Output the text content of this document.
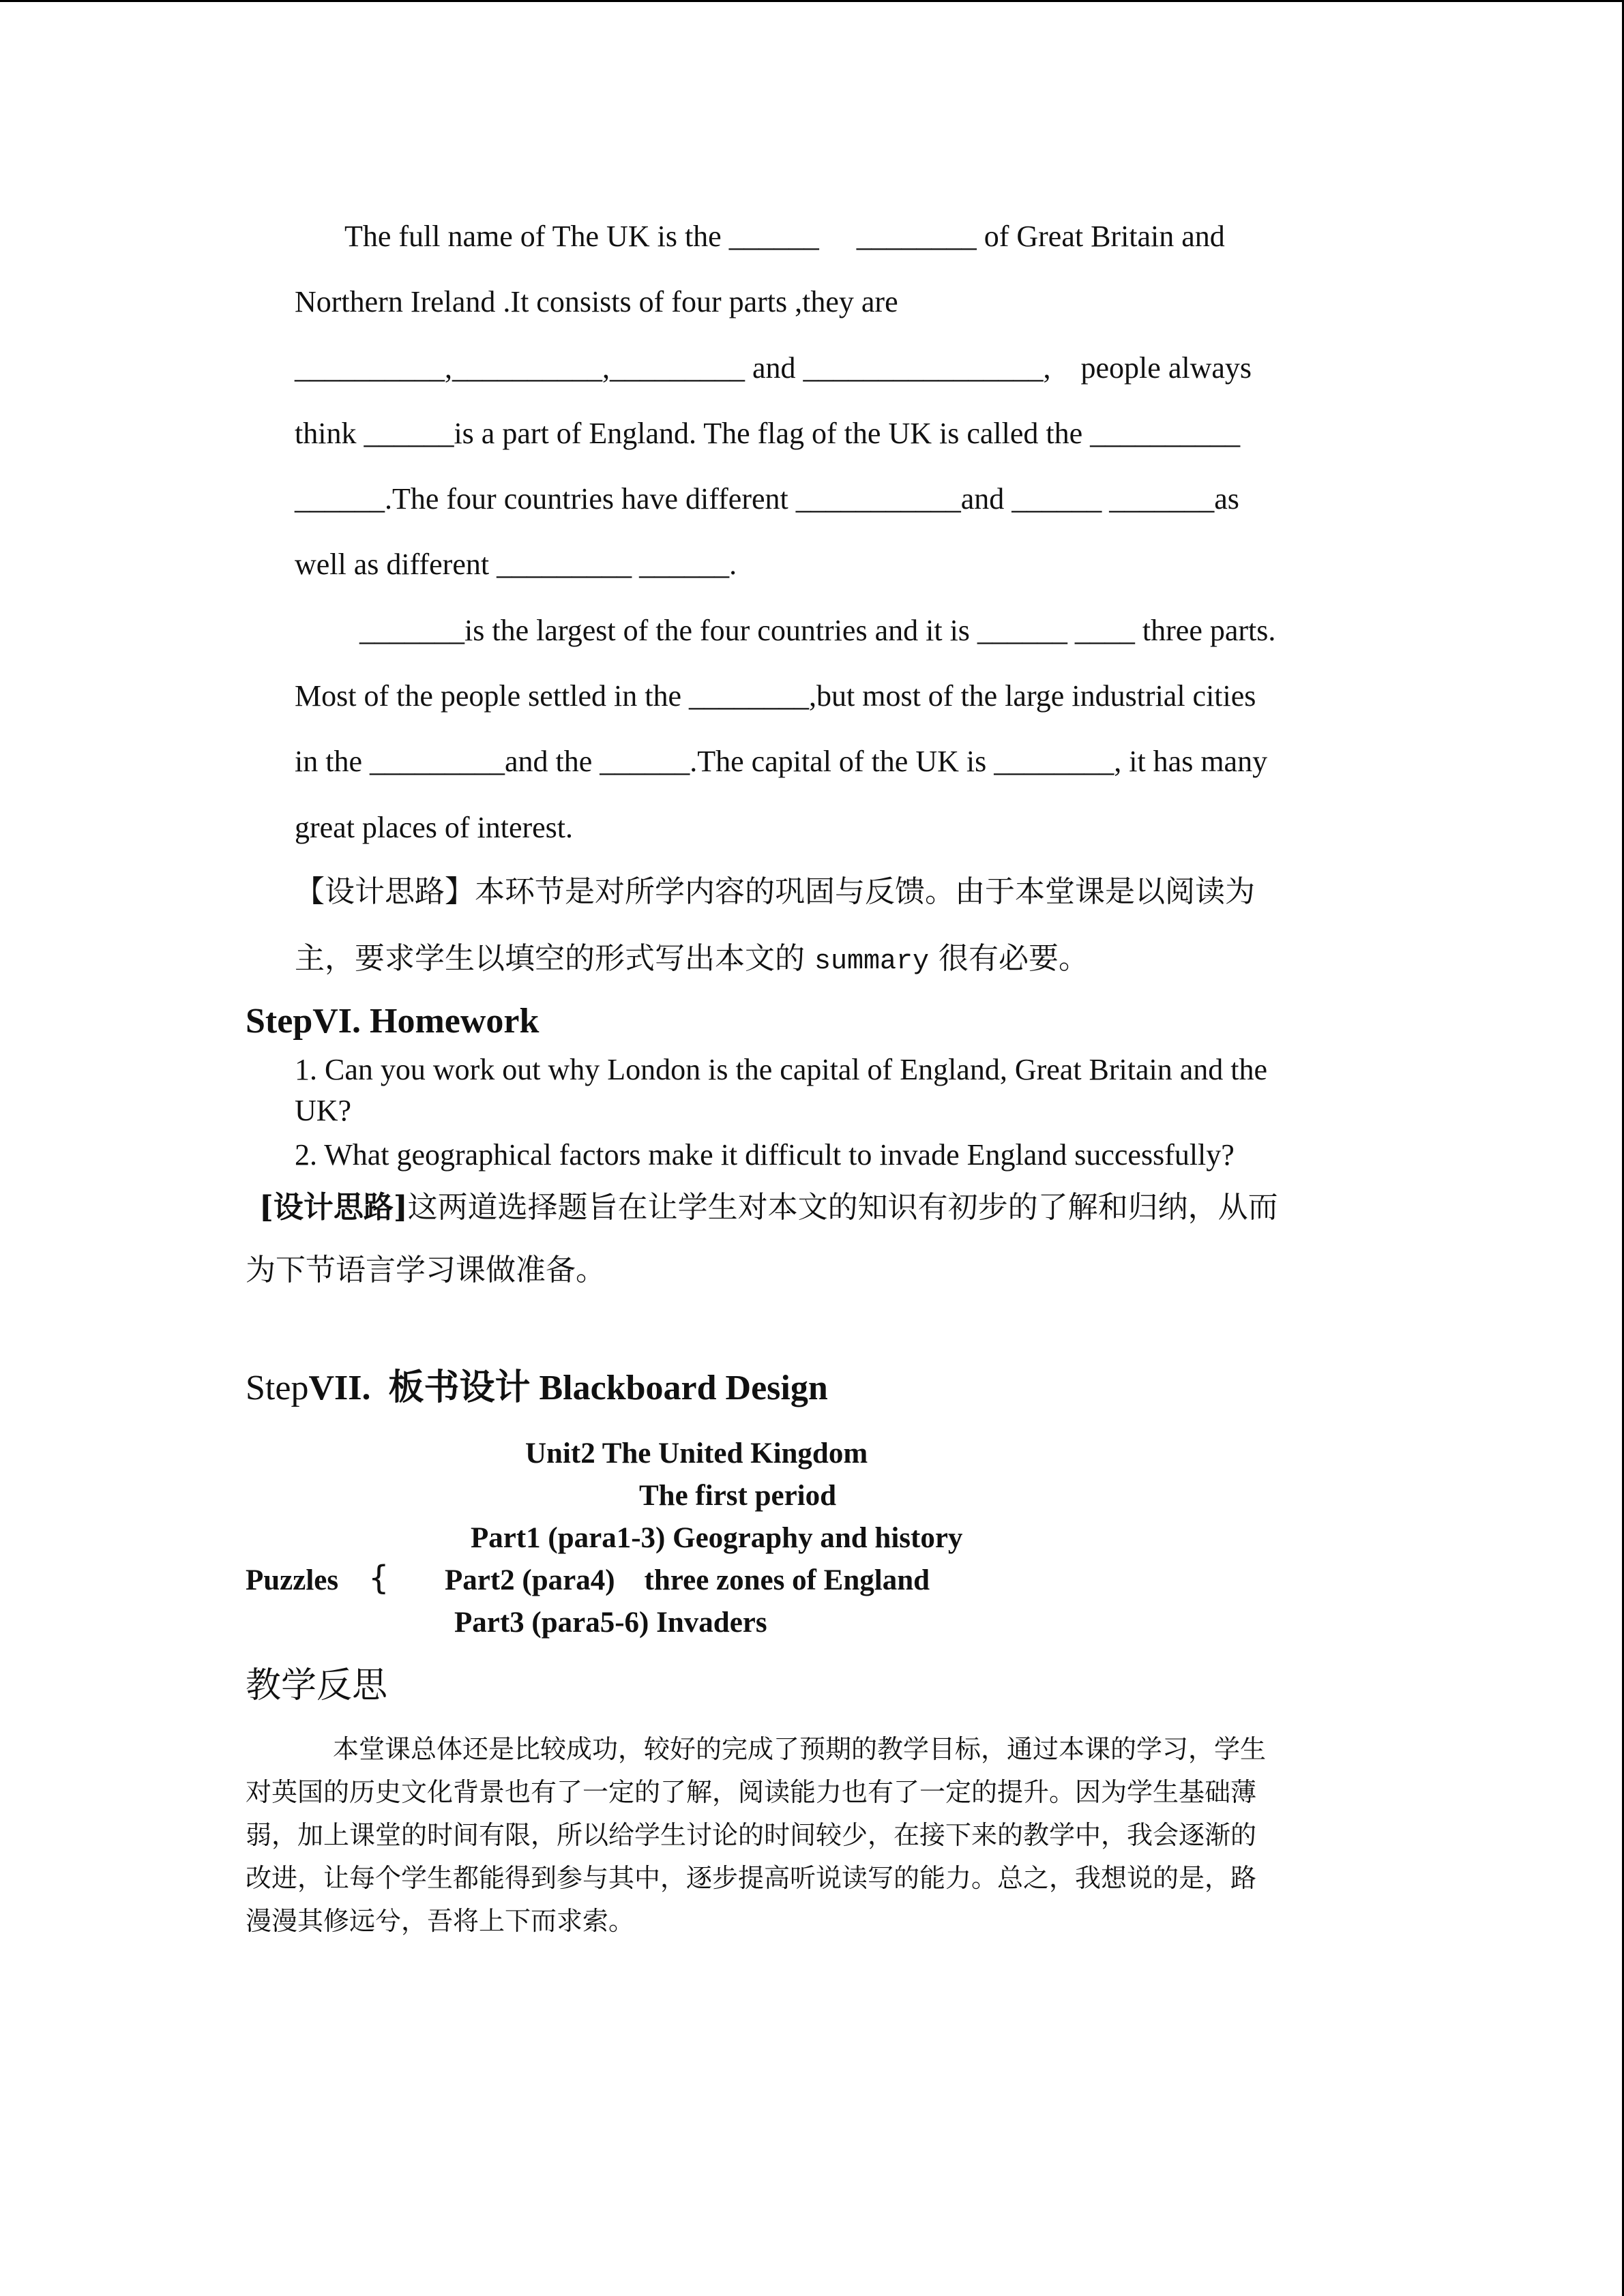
The full name of The UK is the ______     ________ of Great Britain and
Northern Ireland .It consists of four parts ,they are
__________,__________,_________ and ________________,    people always
think ______is a part of England. The flag of the UK is called the __________
______.The four countries have different ___________and ______ _______as
well as different _________ ______.
_______is the largest of the four countries and it is ______ ____ three parts.
Most of the people settled in the ________,but most of the large industrial cities
in the _________and the ______.The capital of the UK is ________, it has many
great places of interest.
【设计思路】本环节是对所学内容的巩固与反馈。由于本堂课是以阅读为
主，要求学生以填空的形式写出本文的 summary 很有必要。
StepVI. Homework
1. Can you work out why London is the capital of England, Great Britain and the
UK?
2. What geographical factors make it difficult to invade England successfully?
[设计思路]这两道选择题旨在让学生对本文的知识有初步的了解和归纳，从而
为下节语言学习课做准备。
StepVII.  板书设计 Blackboard Design
Unit2 The United Kingdom
The first period
Part1 (para1-3) Geography and history
Puzzles { Part2 (para4)    three zones of England
Part3 (para5-6) Invaders
教学反思
本堂课总体还是比较成功，较好的完成了预期的教学目标，通过本课的学习，学生
对英国的历史文化背景也有了一定的了解，阅读能力也有了一定的提升。因为学生基础薄
弱，加上课堂的时间有限，所以给学生讨论的时间较少，在接下来的教学中，我会逐渐的
改进，让每个学生都能得到参与其中，逐步提高听说读写的能力。总之，我想说的是，路
漫漫其修远兮，吾将上下而求索。
